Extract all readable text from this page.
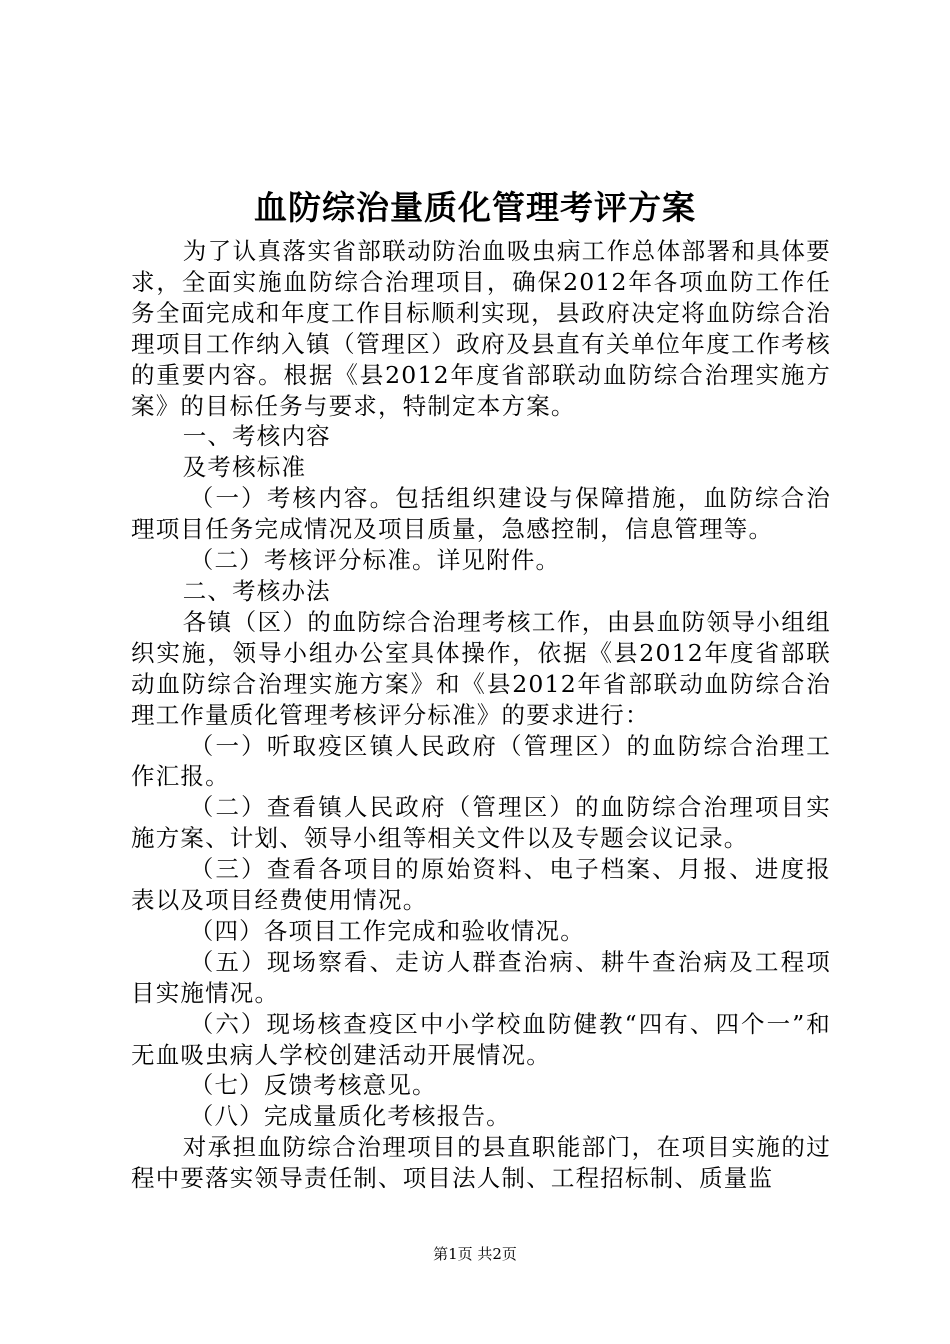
血防综治量质化管理考评方案

为了认真落实省部联动防治血吸虫病工作总体部署和具体要求，全面实施血防综合治理项目，确保2012年各项血防工作任务全面完成和年度工作目标顺利实现，县政府决定将血防综合治理项目工作纳入镇（管理区）政府及县直有关单位年度工作考核的重要内容。根据《县2012年度省部联动血防综合治理实施方案》的目标任务与要求，特制定本方案。

一、考核内容

及考核标准

（一）考核内容。包括组织建设与保障措施，血防综合治理项目任务完成情况及项目质量，急感控制，信息管理等。

（二）考核评分标准。详见附件。

二、考核办法

各镇（区）的血防综合治理考核工作，由县血防领导小组组织实施，领导小组办公室具体操作，依据《县2012年度省部联动血防综合治理实施方案》和《县2012年省部联动血防综合治理工作量质化管理考核评分标准》的要求进行：

（一）听取疫区镇人民政府（管理区）的血防综合治理工作汇报。

（二）查看镇人民政府（管理区）的血防综合治理项目实施方案、计划、领导小组等相关文件以及专题会议记录。

（三）查看各项目的原始资料、电子档案、月报、进度报表以及项目经费使用情况。

（四）各项目工作完成和验收情况。

（五）现场察看、走访人群查治病、耕牛查治病及工程项目实施情况。

（六）现场核查疫区中小学校血防健教“四有、四个一”和无血吸虫病人学校创建活动开展情况。

（七）反馈考核意见。

（八）完成量质化考核报告。

对承担血防综合治理项目的县直职能部门，在项目实施的过程中要落实领导责任制、项目法人制、工程招标制、质量监

第1页 共2页
